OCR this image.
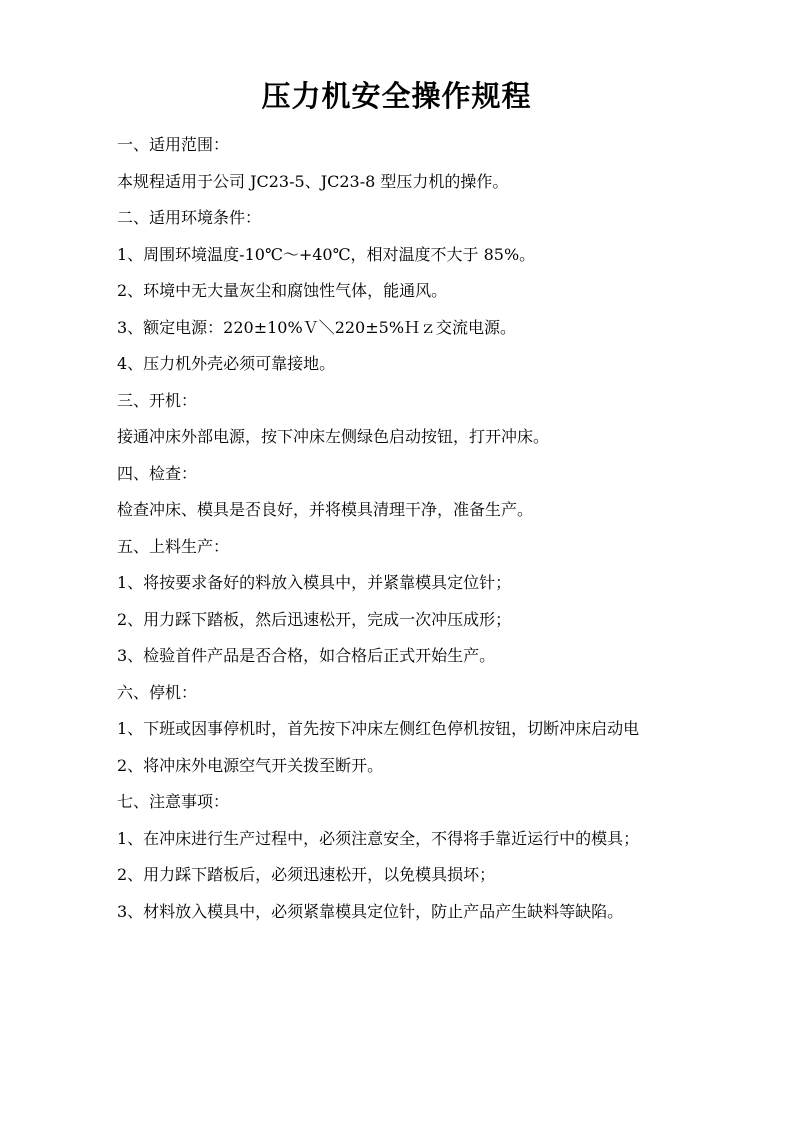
压力机安全操作规程

一、适用范围：

本规程适用于公司 JC23-5、JC23-8 型压力机的操作。

二、适用环境条件：

1、周围环境温度-10℃～+40℃，相对温度不大于 85%。

2、环境中无大量灰尘和腐蚀性气体，能通风。

3、额定电源：220±10%Ｖ＼220±5%Ｈｚ交流电源。

4、压力机外壳必须可靠接地。

三、开机：

接通冲床外部电源，按下冲床左侧绿色启动按钮，打开冲床。

四、检查：

检查冲床、模具是否良好，并将模具清理干净，准备生产。

五、上料生产：

1、将按要求备好的料放入模具中，并紧靠模具定位针；

2、用力踩下踏板，然后迅速松开，完成一次冲压成形；

3、检验首件产品是否合格，如合格后正式开始生产。

六、停机：

1、下班或因事停机时，首先按下冲床左侧红色停机按钮，切断冲床启动电

2、将冲床外电源空气开关拨至断开。

七、注意事项：

1、在冲床进行生产过程中，必须注意安全，不得将手靠近运行中的模具；

2、用力踩下踏板后，必须迅速松开，以免模具损坏；

3、材料放入模具中，必须紧靠模具定位针，防止产品产生缺料等缺陷。
